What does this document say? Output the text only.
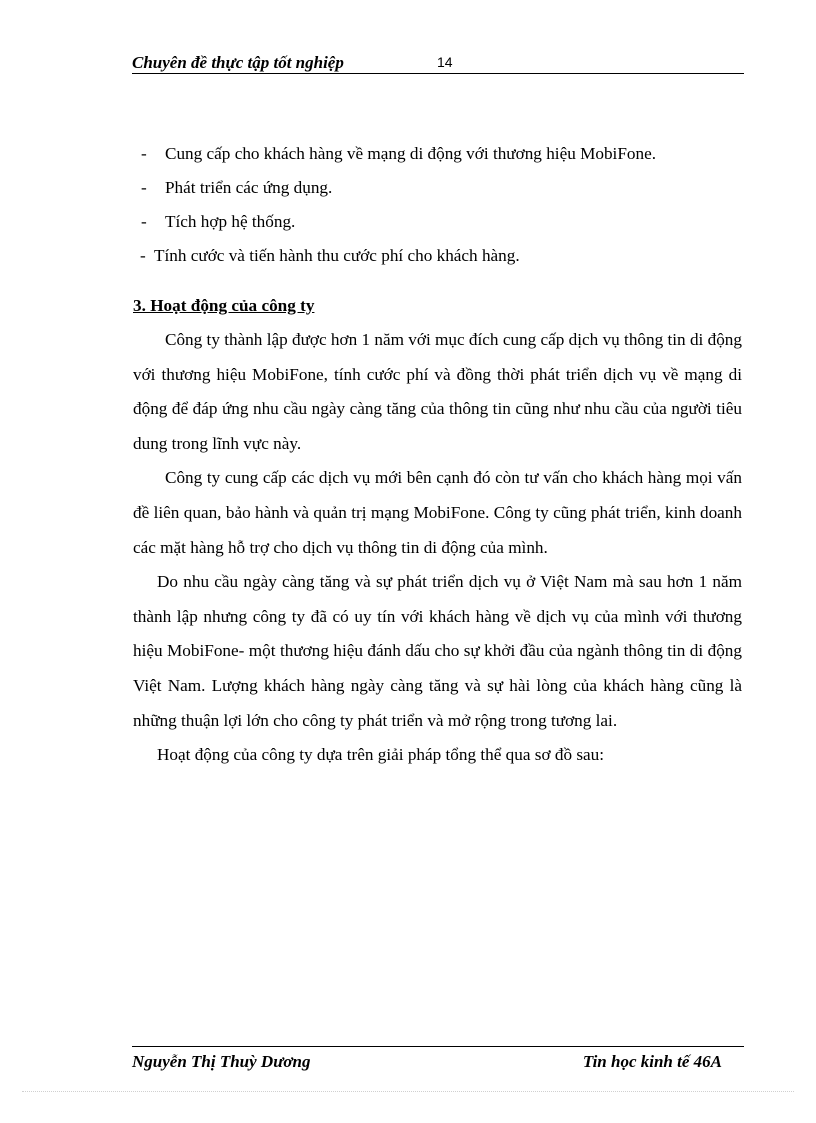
Chuyên đề thực tập tốt nghiệp	14
- Cung cấp cho khách hàng về mạng di động với thương hiệu MobiFone.
- Phát triển các ứng dụng.
- Tích hợp hệ thống.
- Tính cước và tiến hành thu cước phí cho khách hàng.
3. Hoạt động của công ty

Công ty thành lập được hơn 1 năm với mục đích cung cấp dịch vụ thông tin di động với thương hiệu MobiFone, tính cước phí và đồng thời phát triển dịch vụ về mạng di động để đáp ứng nhu cầu ngày càng tăng của thông tin cũng như nhu cầu của người tiêu dung trong lĩnh vực này.

Công ty cung cấp các dịch vụ mới bên cạnh đó còn tư vấn cho khách hàng mọi vấn đề liên quan, bảo hành và quản trị mạng MobiFone. Công ty cũng phát triển, kinh doanh các mặt hàng hỗ trợ cho dịch vụ thông tin di động của mình.

Do nhu cầu ngày càng tăng và sự phát triển dịch vụ ở Việt Nam mà sau hơn 1 năm thành lập nhưng công ty đã có uy tín với khách hàng về dịch vụ của mình với thương hiệu MobiFone- một thương hiệu đánh dấu cho sự khởi đầu của ngành thông tin di động Việt Nam. Lượng khách hàng ngày càng tăng và sự hài lòng của khách hàng cũng là những thuận lợi lớn cho công ty phát triển và mở rộng trong tương lai.

Hoạt động của công ty dựa trên giải pháp tổng thể qua sơ đồ sau:

Nguyễn Thị Thuỳ Dương	Tin học kinh tế 46A
